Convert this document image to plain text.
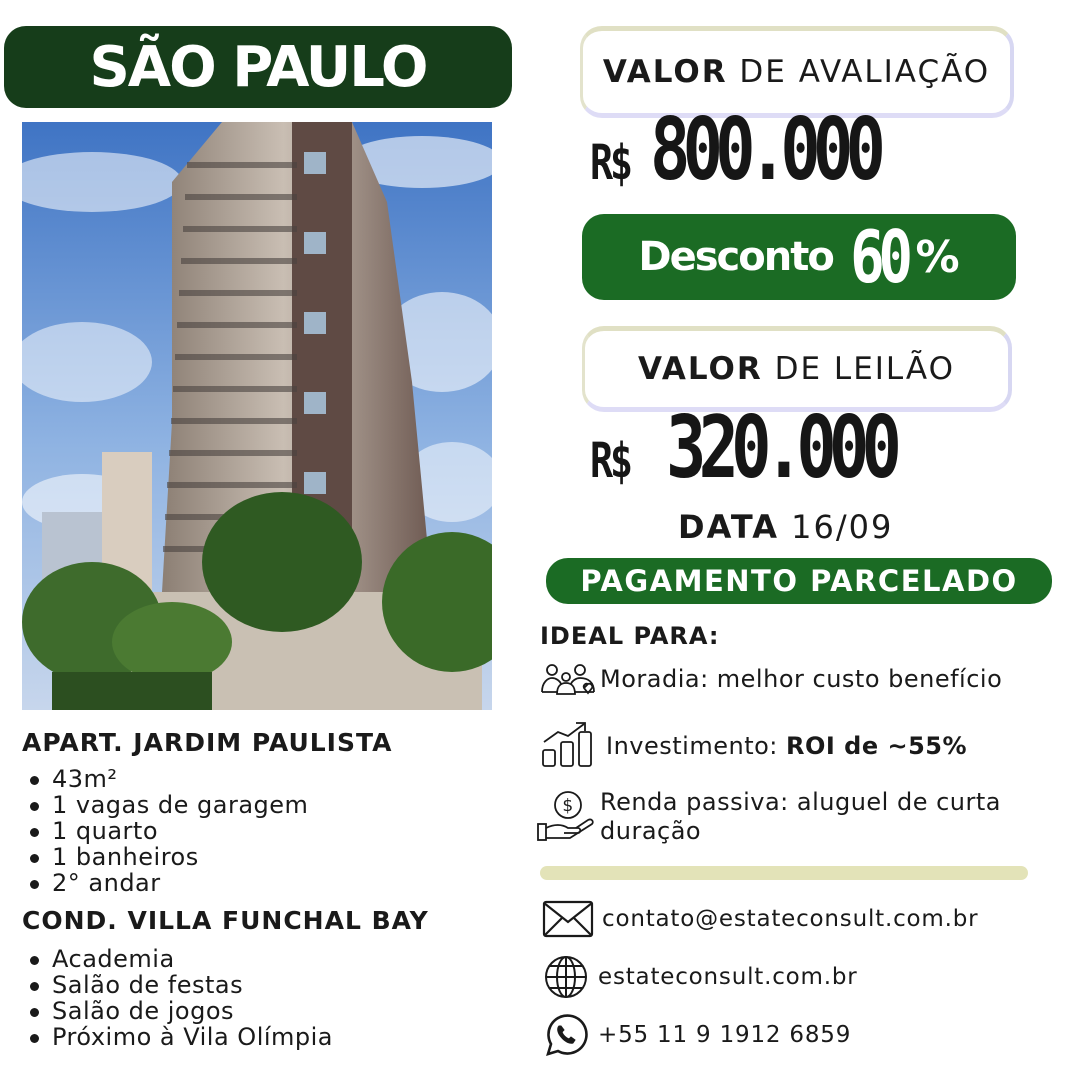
SÃO PAULO
APART. JARDIM PAULISTA
43m²
1 vagas de garagem
1 quarto
1 banheiros
2° andar
COND. VILLA FUNCHAL BAY
Academia
Salão de festas
Salão de jogos
Próximo à Vila Olímpia
VALOR DE AVALIAÇÃO
R$ 800.000
Desconto 60 %
VALOR DE LEILÃO
R$ 320.000
DATA 16/09
PAGAMENTO PARCELADO
IDEAL PARA:
Moradia: melhor custo benefício
Investimento: ROI de ~55%
$ Renda passiva: aluguel de curta
duração
contato@estateconsult.com.br
estateconsult.com.br
+55 11 9 1912 6859
